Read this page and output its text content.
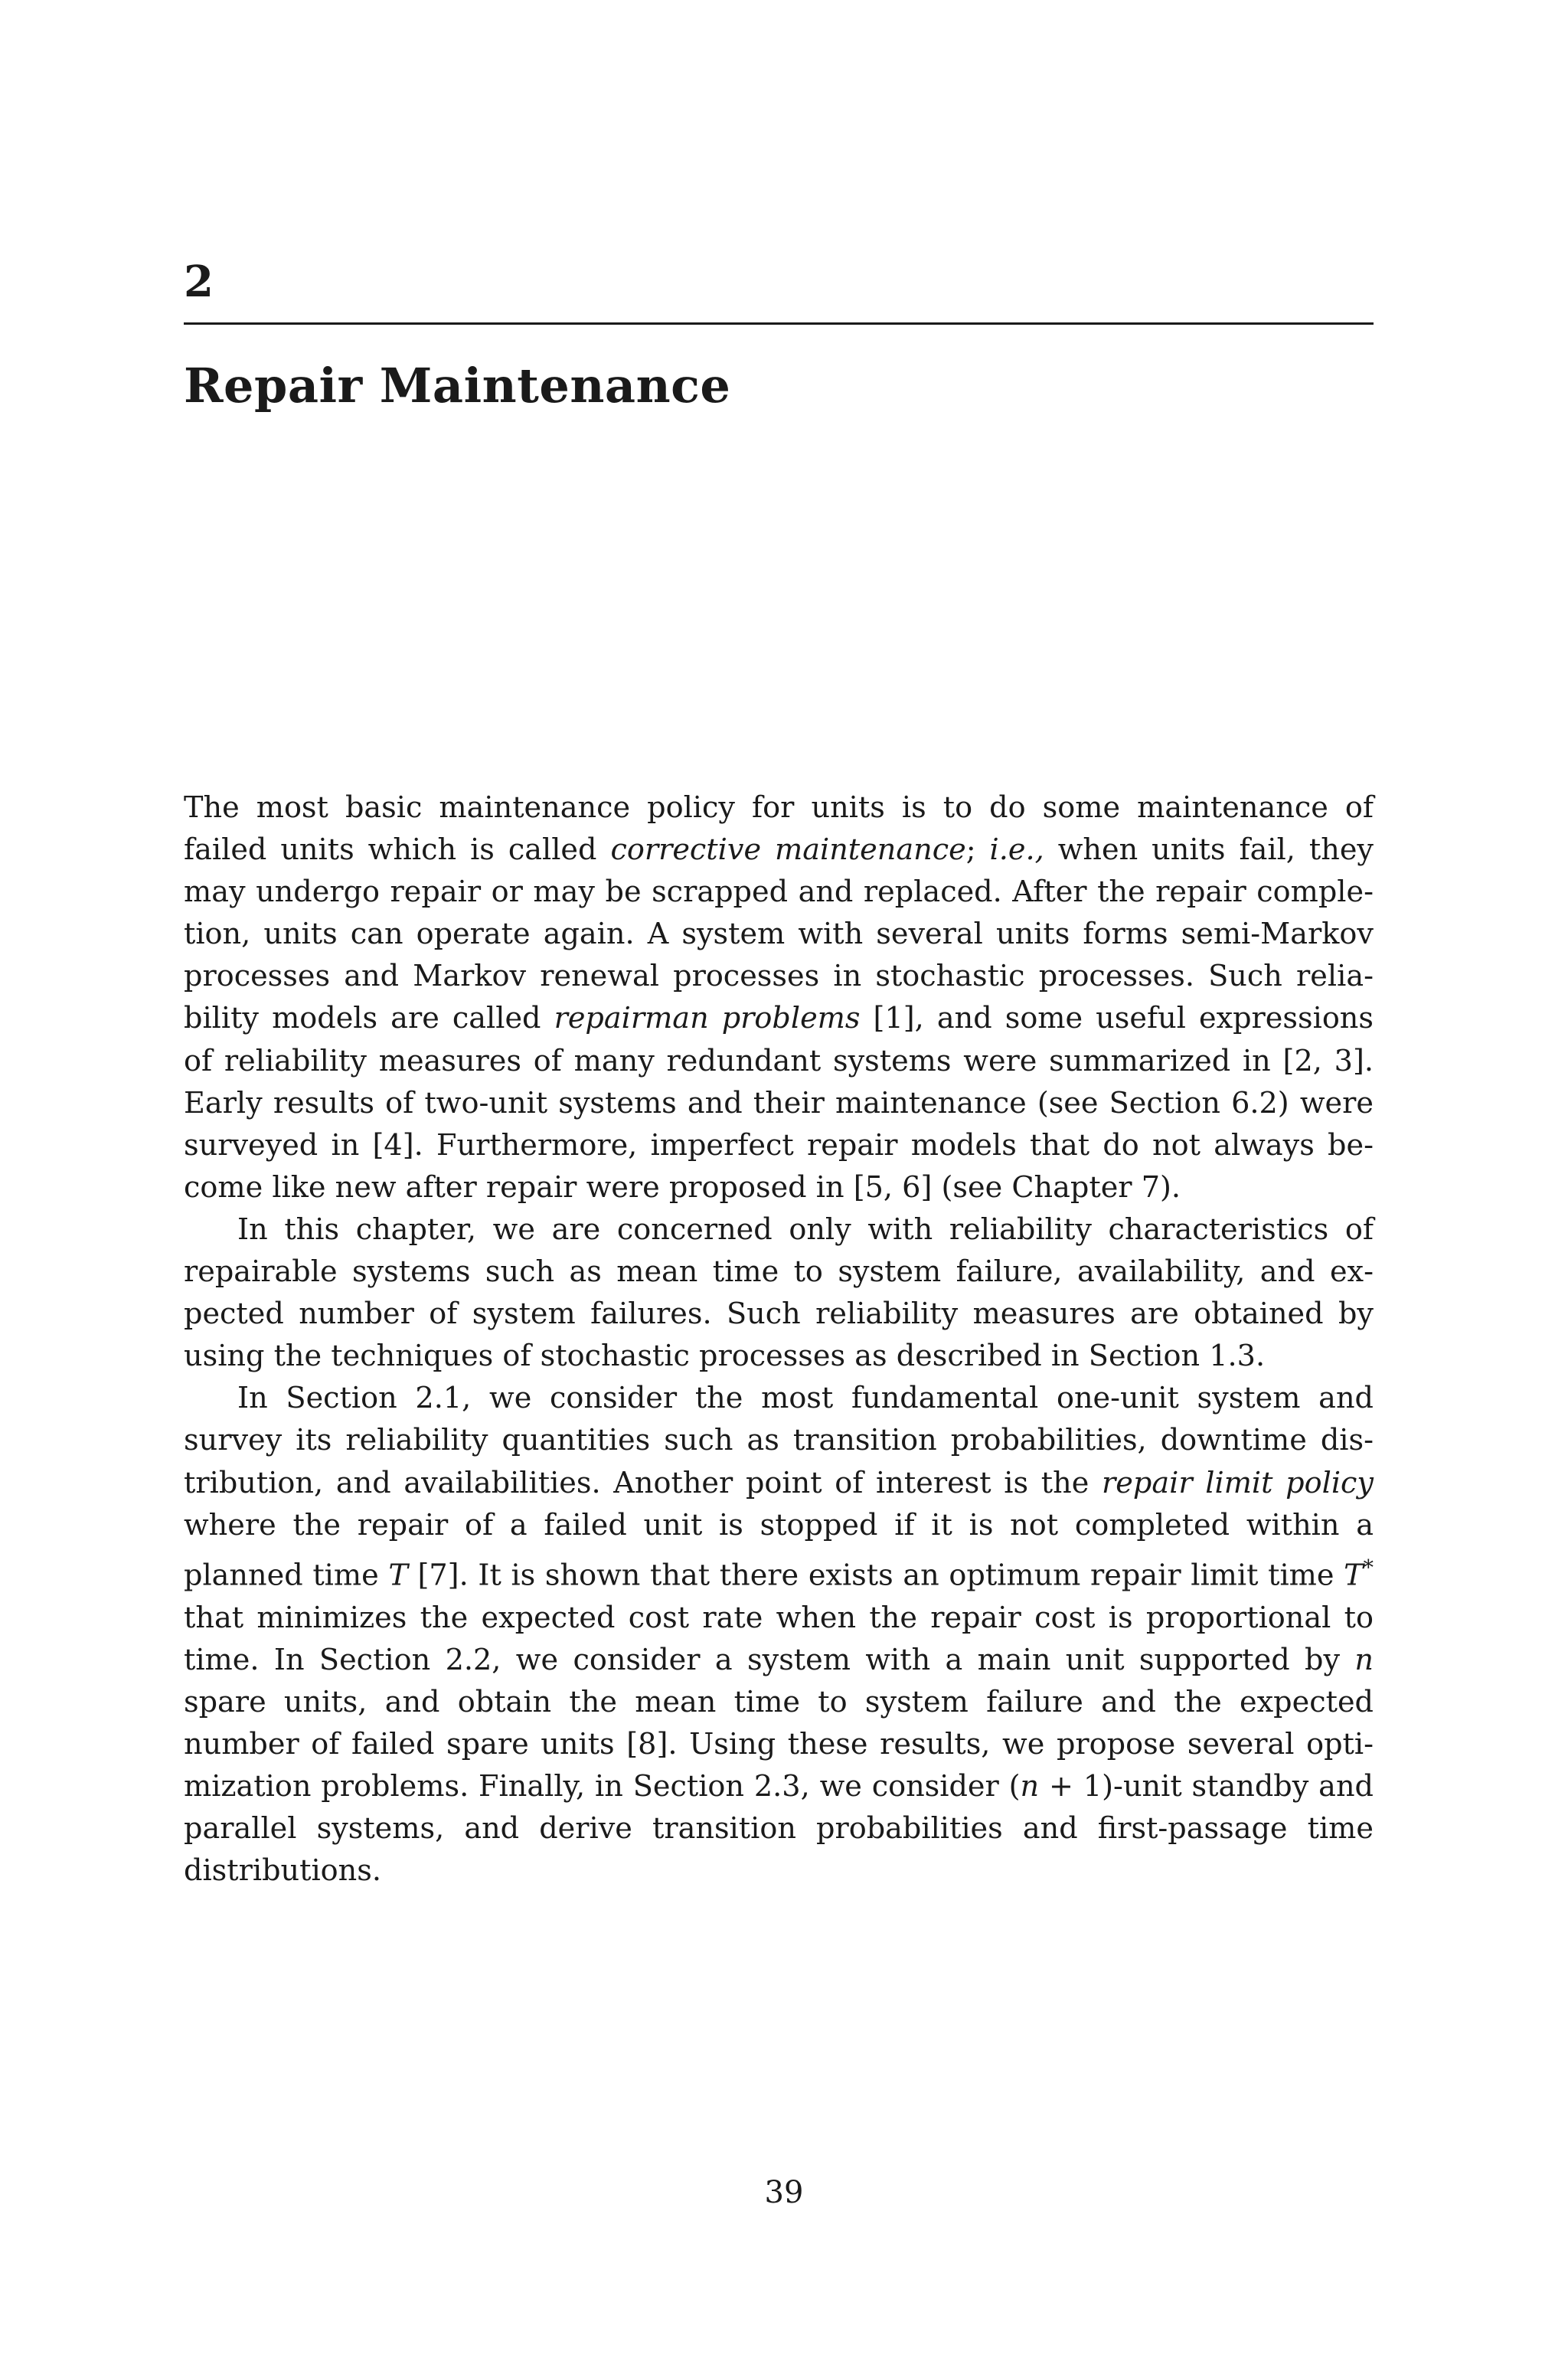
2
Repair Maintenance

The most basic maintenance policy for units is to do some maintenance of failed units which is called corrective maintenance; i.e., when units fail, they may undergo repair or may be scrapped and replaced. After the repair completion, units can operate again. A system with several units forms semi-Markov processes and Markov renewal processes in stochastic processes. Such reliability models are called repairman problems [1], and some useful expressions of reliability measures of many redundant systems were summarized in [2, 3]. Early results of two-unit systems and their maintenance (see Section 6.2) were surveyed in [4]. Furthermore, imperfect repair models that do not always become like new after repair were proposed in [5, 6] (see Chapter 7).

In this chapter, we are concerned only with reliability characteristics of repairable systems such as mean time to system failure, availability, and expected number of system failures. Such reliability measures are obtained by using the techniques of stochastic processes as described in Section 1.3.

In Section 2.1, we consider the most fundamental one-unit system and survey its reliability quantities such as transition probabilities, downtime distribution, and availabilities. Another point of interest is the repair limit policy where the repair of a failed unit is stopped if it is not completed within a planned time T [7]. It is shown that there exists an optimum repair limit time T* that minimizes the expected cost rate when the repair cost is proportional to time. In Section 2.2, we consider a system with a main unit supported by n spare units, and obtain the mean time to system failure and the expected number of failed spare units [8]. Using these results, we propose several optimization problems. Finally, in Section 2.3, we consider (n + 1)-unit standby and parallel systems, and derive transition probabilities and first-passage time distributions.

39
